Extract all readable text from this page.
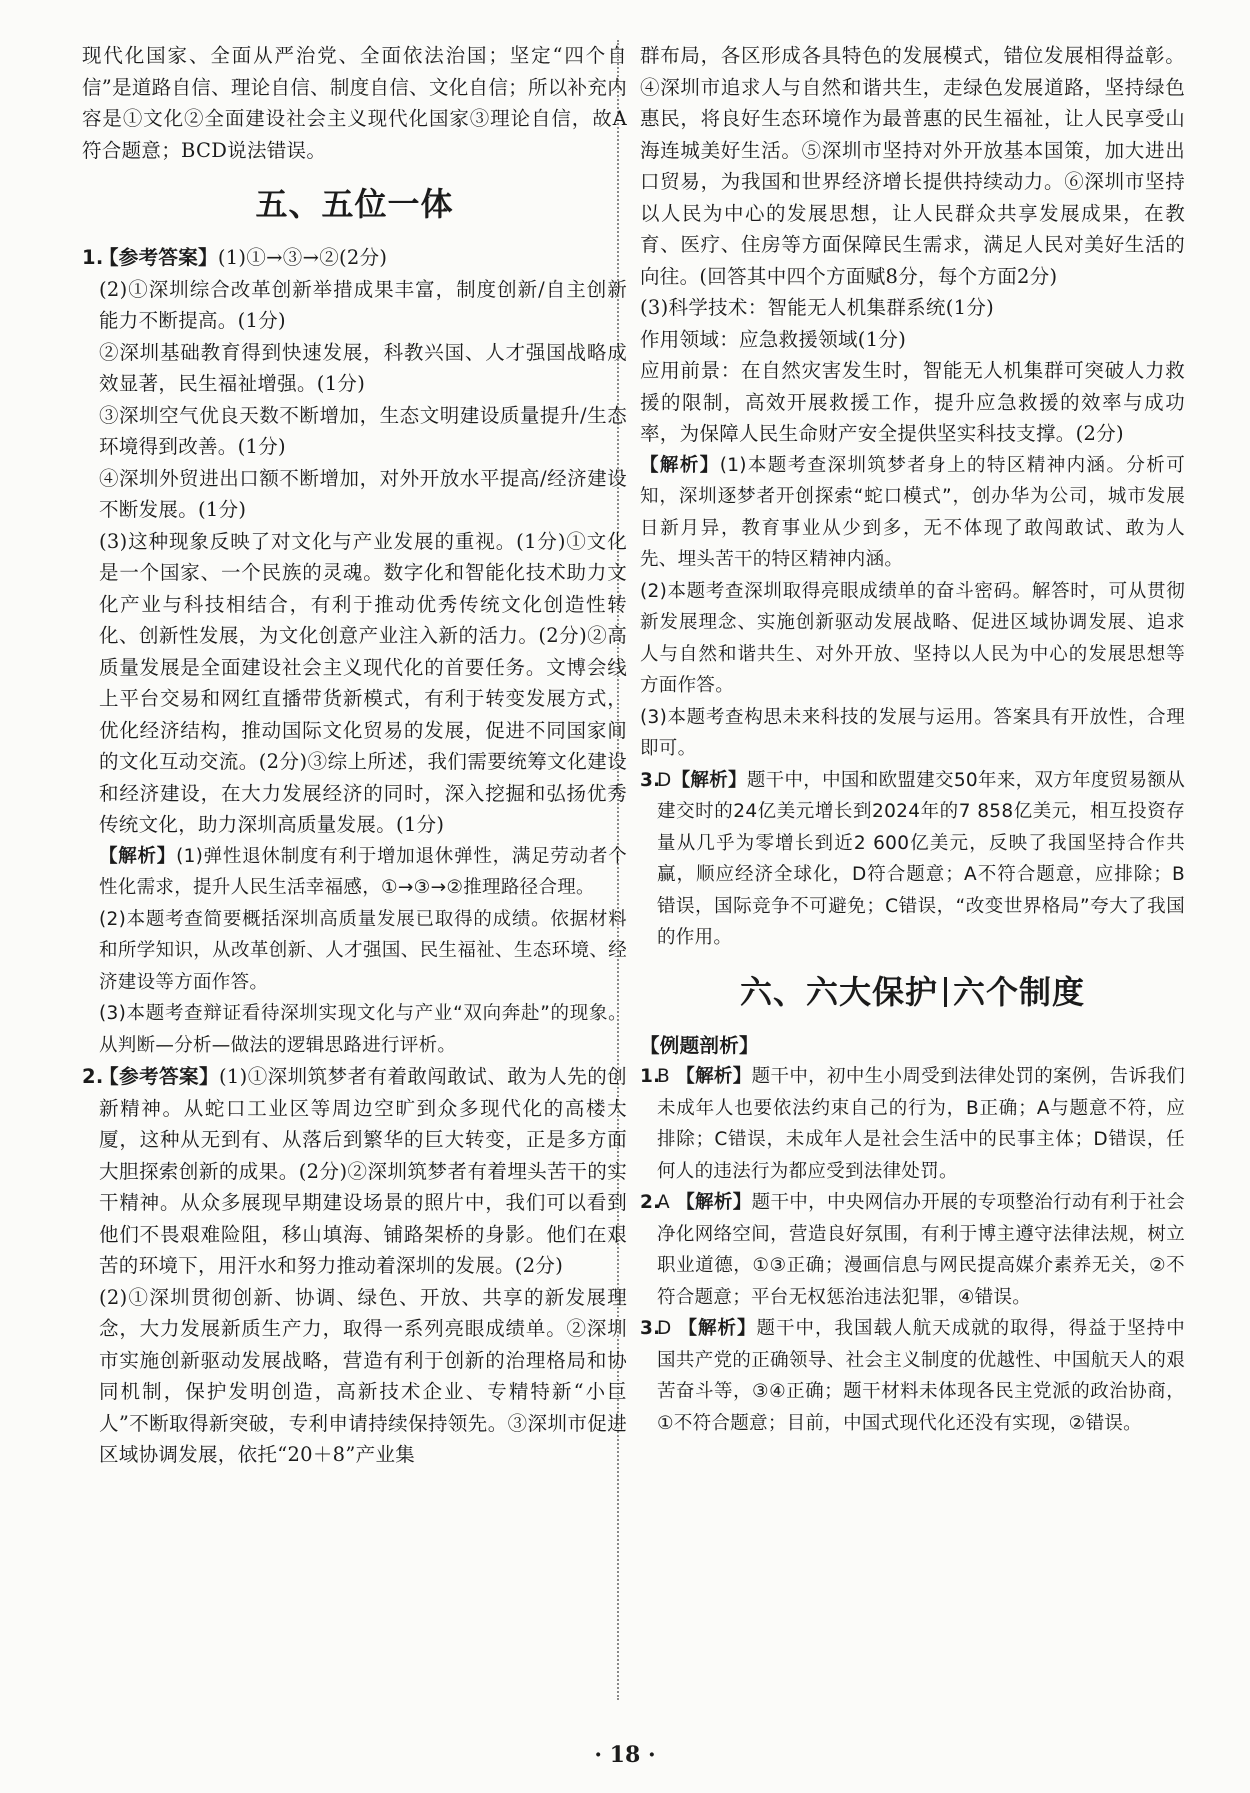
现代化国家、全面从严治党、全面依法治国；坚定“四个自信”是道路自信、理论自信、制度自信、文化自信；所以补充内容是①文化②全面建设社会主义现代化国家③理论自信，故A符合题意；BCD说法错误。

五、五位一体

1.【参考答案】(1)①→③→②(2分)

(2)①深圳综合改革创新举措成果丰富，制度创新/自主创新能力不断提高。(1分)

②深圳基础教育得到快速发展，科教兴国、人才强国战略成效显著，民生福祉增强。(1分)

③深圳空气优良天数不断增加，生态文明建设质量提升/生态环境得到改善。(1分)

④深圳外贸进出口额不断增加，对外开放水平提高/经济建设不断发展。(1分)

(3)这种现象反映了对文化与产业发展的重视。(1分)①文化是一个国家、一个民族的灵魂。数字化和智能化技术助力文化产业与科技相结合，有利于推动优秀传统文化创造性转化、创新性发展，为文化创意产业注入新的活力。(2分)②高质量发展是全面建设社会主义现代化的首要任务。文博会线上平台交易和网红直播带货新模式，有利于转变发展方式，优化经济结构，推动国际文化贸易的发展，促进不同国家间的文化互动交流。(2分)③综上所述，我们需要统筹文化建设和经济建设，在大力发展经济的同时，深入挖掘和弘扬优秀传统文化，助力深圳高质量发展。(1分)

【解析】(1)弹性退休制度有利于增加退休弹性，满足劳动者个性化需求，提升人民生活幸福感，①→③→②推理路径合理。

(2)本题考查简要概括深圳高质量发展已取得的成绩。依据材料和所学知识，从改革创新、人才强国、民生福祉、生态环境、经济建设等方面作答。

(3)本题考查辩证看待深圳实现文化与产业“双向奔赴”的现象。从判断—分析—做法的逻辑思路进行评析。

2.【参考答案】(1)①深圳筑梦者有着敢闯敢试、敢为人先的创新精神。从蛇口工业区等周边空旷到众多现代化的高楼大厦，这种从无到有、从落后到繁华的巨大转变，正是多方面大胆探索创新的成果。(2分)②深圳筑梦者有着埋头苦干的实干精神。从众多展现早期建设场景的照片中，我们可以看到他们不畏艰难险阻，移山填海、铺路架桥的身影。他们在艰苦的环境下，用汗水和努力推动着深圳的发展。(2分)

(2)①深圳贯彻创新、协调、绿色、开放、共享的新发展理念，大力发展新质生产力，取得一系列亮眼成绩单。②深圳市实施创新驱动发展战略，营造有利于创新的治理格局和协同机制，保护发明创造，高新技术企业、专精特新“小巨人”不断取得新突破，专利申请持续保持领先。③深圳市促进区域协调发展，依托“20＋8”产业集

群布局，各区形成各具特色的发展模式，错位发展相得益彰。④深圳市追求人与自然和谐共生，走绿色发展道路，坚持绿色惠民，将良好生态环境作为最普惠的民生福祉，让人民享受山海连城美好生活。⑤深圳市坚持对外开放基本国策，加大进出口贸易，为我国和世界经济增长提供持续动力。⑥深圳市坚持以人民为中心的发展思想，让人民群众共享发展成果，在教育、医疗、住房等方面保障民生需求，满足人民对美好生活的向往。(回答其中四个方面赋8分，每个方面2分)

(3)科学技术：智能无人机集群系统(1分)

作用领域：应急救援领域(1分)

应用前景：在自然灾害发生时，智能无人机集群可突破人力救援的限制，高效开展救援工作，提升应急救援的效率与成功率，为保障人民生命财产安全提供坚实科技支撑。(2分)

【解析】(1)本题考查深圳筑梦者身上的特区精神内涵。分析可知，深圳逐梦者开创探索“蛇口模式”，创办华为公司，城市发展日新月异，教育事业从少到多，无不体现了敢闯敢试、敢为人先、埋头苦干的特区精神内涵。

(2)本题考查深圳取得亮眼成绩单的奋斗密码。解答时，可从贯彻新发展理念、实施创新驱动发展战略、促进区域协调发展、追求人与自然和谐共生、对外开放、坚持以人民为中心的发展思想等方面作答。

(3)本题考查构思未来科技的发展与运用。答案具有开放性，合理即可。

3.D【解析】题干中，中国和欧盟建交50年来，双方年度贸易额从建交时的24亿美元增长到2024年的7 858亿美元，相互投资存量从几乎为零增长到近2 600亿美元，反映了我国坚持合作共赢，顺应经济全球化，D符合题意；A不符合题意，应排除；B错误，国际竞争不可避免；C错误，“改变世界格局”夸大了我国的作用。

六、六大保护 六个制度

【例题剖析】

1.B 【解析】题干中，初中生小周受到法律处罚的案例，告诉我们未成年人也要依法约束自己的行为，B正确；A与题意不符，应排除；C错误，未成年人是社会生活中的民事主体；D错误，任何人的违法行为都应受到法律处罚。

2.A 【解析】题干中，中央网信办开展的专项整治行动有利于社会净化网络空间，营造良好氛围，有利于博主遵守法律法规，树立职业道德，①③正确；漫画信息与网民提高媒介素养无关，②不符合题意；平台无权惩治违法犯罪，④错误。

3.D 【解析】题干中，我国载人航天成就的取得，得益于坚持中国共产党的正确领导、社会主义制度的优越性、中国航天人的艰苦奋斗等，③④正确；题干材料未体现各民主党派的政治协商，①不符合题意；目前，中国式现代化还没有实现，②错误。

· 18 ·
